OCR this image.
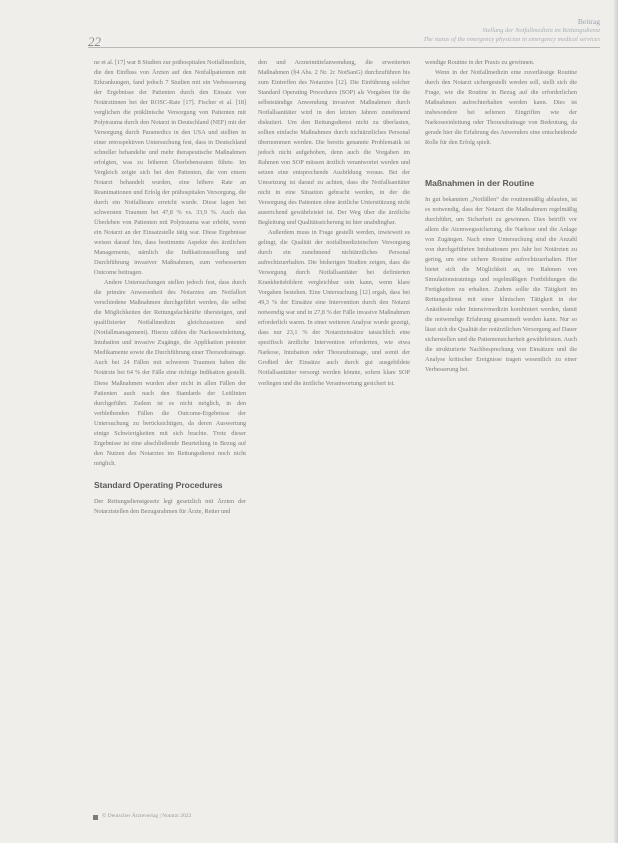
22
Beitrag
Stellung der Notfallmedizin im Rettungsdienst
The status of the emergency physician in emergency medical services

ne et al. [17] war 8 Studien zur prähospitalen Notfallmedizin, die den Einfluss von Ärzten auf den Notfallpatienten mit Erkrankungen, fand jedoch 7 Studien mit ein Verbesserung der Ergebnisse der Patienten durch den Einsatz von Notärztinnen bei der ROSC-Rate [17]. Fischer et al. [18] verglichen die präklinische Versorgung von Patienten mit Polytrauma durch den Notarzt in Deutschland (NEF) mit der Versorgung durch Paramedics in den USA und stellten in einer retrospektiven Untersuchung fest, dass in Deutschland schneller behandelte und mehr therapeutische Maßnahmen erfolgten, was zu höheren Überlebensraten führte. Im Vergleich zeigte sich bei den Patienten, die von einem Notarzt behandelt wurden, eine höhere Rate an Reanimationen und Erfolg der prähospitalen Versorgung, die durch ein Notfallteam erreicht wurde. Diese lagen bei schwersten Traumen bei 47,8 % vs. 33,9 %. Auch das Überleben von Patienten mit Polytrauma war erhöht, wenn ein Notarzt an der Einsatzstelle tätig war. Diese Ergebnisse weisen darauf hin, dass bestimmte Aspekte des ärztlichen Managements, nämlich die Indikationsstellung und Durchführung invasiver Maßnahmen, zum verbesserten Outcome beitragen.

Andere Untersuchungen stellen jedoch fest, dass durch die primäre Anwesenheit des Notarztes am Notfallort verschiedene Maßnahmen durchgeführt werden, die selbst die Möglichkeiten der Rettungsfachkräfte übersteigen, und qualifizierter Notfallmedizin gleichzusetzen sind (Notfallmanagement). Hierzu zählen die Narkoseeinleitung, Intubation und invasive Zugänge, die Applikation potenter Medikamente sowie die Durchführung einer Thoraxdrainage. Auch bei 24 Fällen mit schweren Traumen haben die Notärzte bei 64 % der Fälle eine richtige Indikation gestellt. Diese Maßnahmen wurden aber nicht in allen Fällen der Patienten auch nach den Standards der Leitlinien durchgeführt. Zudem ist es nicht möglich, in den verbleibenden Fällen die Outcome-Ergebnisse der Untersuchung zu berücksichtigen, da deren Auswertung einige Schwierigkeiten mit sich brachte. Trotz dieser Ergebnisse ist eine abschließende Beurteilung in Bezug auf den Nutzen des Notarztes im Rettungsdienst noch nicht möglich.

Standard Operating Procedures

Der Rettungsdienstgesetz legt gesetzlich mit Ärzten der Notarztstellen den Bezugsrahmen für Ärzte, Retter und

den und Arzneimittelanwendung, die erweiterten Maßnahmen (§4 Abs. 2 Nr. 2c NotSanG) durchzuführen bis zum Eintreffen des Notarztes [12]. Die Einführung solcher Standard Operating Procedures (SOP) als Vorgaben für die selbstständige Anwendung invasiver Maßnahmen durch Notfallsanitäter wird in den letzten Jahren zunehmend diskutiert. Um den Rettungsdienst nicht zu überlasten, sollten einfache Maßnahmen durch nichtärztliches Personal übernommen werden. Die bereits genannte Problematik ist jedoch nicht aufgehoben, denn auch die Vorgaben im Rahmen von SOP müssen ärztlich verantwortet werden und setzen eine entsprechende Ausbildung voraus. Bei der Umsetzung ist darauf zu achten, dass die Notfallsanitäter nicht in eine Situation gebracht werden, in der die Versorgung des Patienten ohne ärztliche Unterstützung nicht ausreichend gewährleistet ist. Der Weg über die ärztliche Begleitung und Qualitätssicherung ist hier unabdingbar.

Außerdem muss in Frage gestellt werden, inwieweit es gelingt, die Qualität der notfallmedizinischen Versorgung durch ein zunehmend nichtärztliches Personal aufrechtzuerhalten. Die bisherigen Studien zeigen, dass die Versorgung durch Notfallsanitäter bei definierten Krankheitsbildern vergleichbar sein kann, wenn klare Vorgaben bestehen. Eine Untersuchung [12] ergab, dass bei 49,3 % der Einsätze eine Intervention durch den Notarzt notwendig war und in 27,8 % der Fälle invasive Maßnahmen erforderlich waren. In einer weiteren Analyse wurde gezeigt, dass nur 23,1 % der Notarzteinsätze tatsächlich eine spezifisch ärztliche Intervention erforderten, wie etwa Narkose, Intubation oder Thoraxdrainage, und somit der Großteil der Einsätze auch durch gut ausgebildete Notfallsanitäter versorgt werden könnte, sofern klare SOP vorliegen und die ärztliche Verantwortung gesichert ist.

wendige Routine in der Praxis zu gewinnen.

Wenn in der Notfallmedizin eine zuverlässige Routine durch den Notarzt sichergestellt werden soll, stellt sich die Frage, wie die Routine in Bezug auf die erforderlichen Maßnahmen aufrechterhalten werden kann. Dies ist insbesondere bei seltenen Eingriffen wie der Narkoseeinleitung oder Thoraxdrainage von Bedeutung, da gerade hier die Erfahrung des Anwenders eine entscheidende Rolle für den Erfolg spielt.

Maßnahmen in der Routine

In gut bekannten „Notfällen“ die routinemäßig ablaufen, ist es notwendig, dass der Notarzt die Maßnahmen regelmäßig durchführt, um Sicherheit zu gewinnen. Dies betrifft vor allem die Atemwegssicherung, die Narkose und die Anlage von Zugängen. Nach einer Untersuchung sind die Anzahl von durchgeführten Intubationen pro Jahr bei Notärzten zu gering, um eine sichere Routine aufrechtzuerhalten. Hier bietet sich die Möglichkeit an, im Rahmen von Simulationstrainings und regelmäßigen Fortbildungen die Fertigkeiten zu erhalten. Zudem sollte die Tätigkeit im Rettungsdienst mit einer klinischen Tätigkeit in der Anästhesie oder Intensivmedizin kombiniert werden, damit die notwendige Erfahrung gesammelt werden kann. Nur so lässt sich die Qualität der notärztlichen Versorgung auf Dauer sicherstellen und die Patientensicherheit gewährleisten. Auch die strukturierte Nachbesprechung von Einsätzen und die Analyse kritischer Ereignisse tragen wesentlich zu einer Verbesserung bei.

© Deutscher Ärzteverlag | Notarzt 2022
